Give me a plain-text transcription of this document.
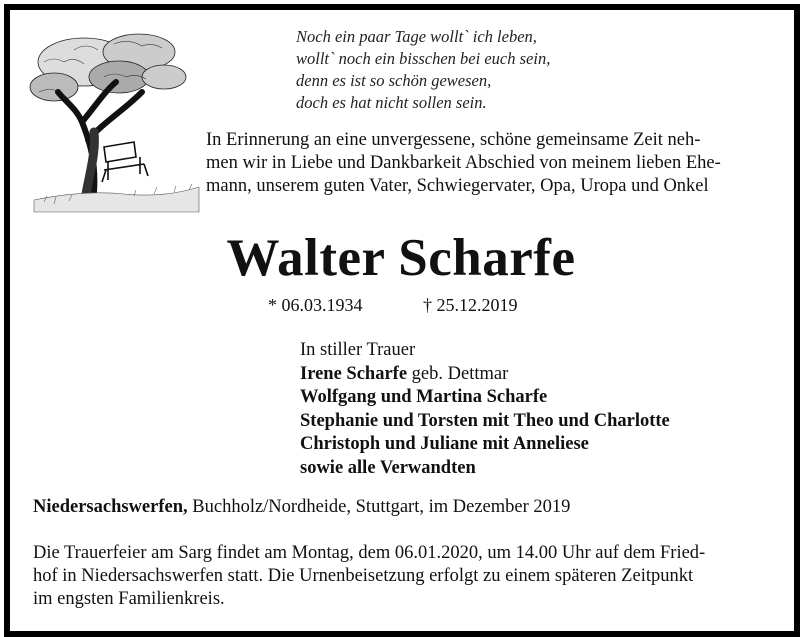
Noch ein paar Tage wollt` ich leben,
wollt` noch ein bisschen bei euch sein,
denn es ist so schön gewesen,
doch es hat nicht sollen sein.
In Erinnerung an eine unvergessene, schöne gemeinsame Zeit neh-
men wir in Liebe und Dankbarkeit Abschied von meinem lieben Ehe-
mann, unserem guten Vater, Schwiegervater, Opa, Uropa und Onkel
Walter Scharfe
* 06.03.1934	† 25.12.2019
In stiller Trauer
Irene Scharfe geb. Dettmar
Wolfgang und Martina Scharfe
Stephanie und Torsten mit Theo und Charlotte
Christoph und Juliane mit Anneliese
sowie alle Verwandten
Niedersachswerfen, Buchholz/Nordheide, Stuttgart, im Dezember 2019
Die Trauerfeier am Sarg findet am Montag, dem 06.01.2020, um 14.00 Uhr auf dem Fried-
hof in Niedersachswerfen statt. Die Urnenbeisetzung erfolgt zu einem späteren Zeitpunkt
im engsten Familienkreis.
